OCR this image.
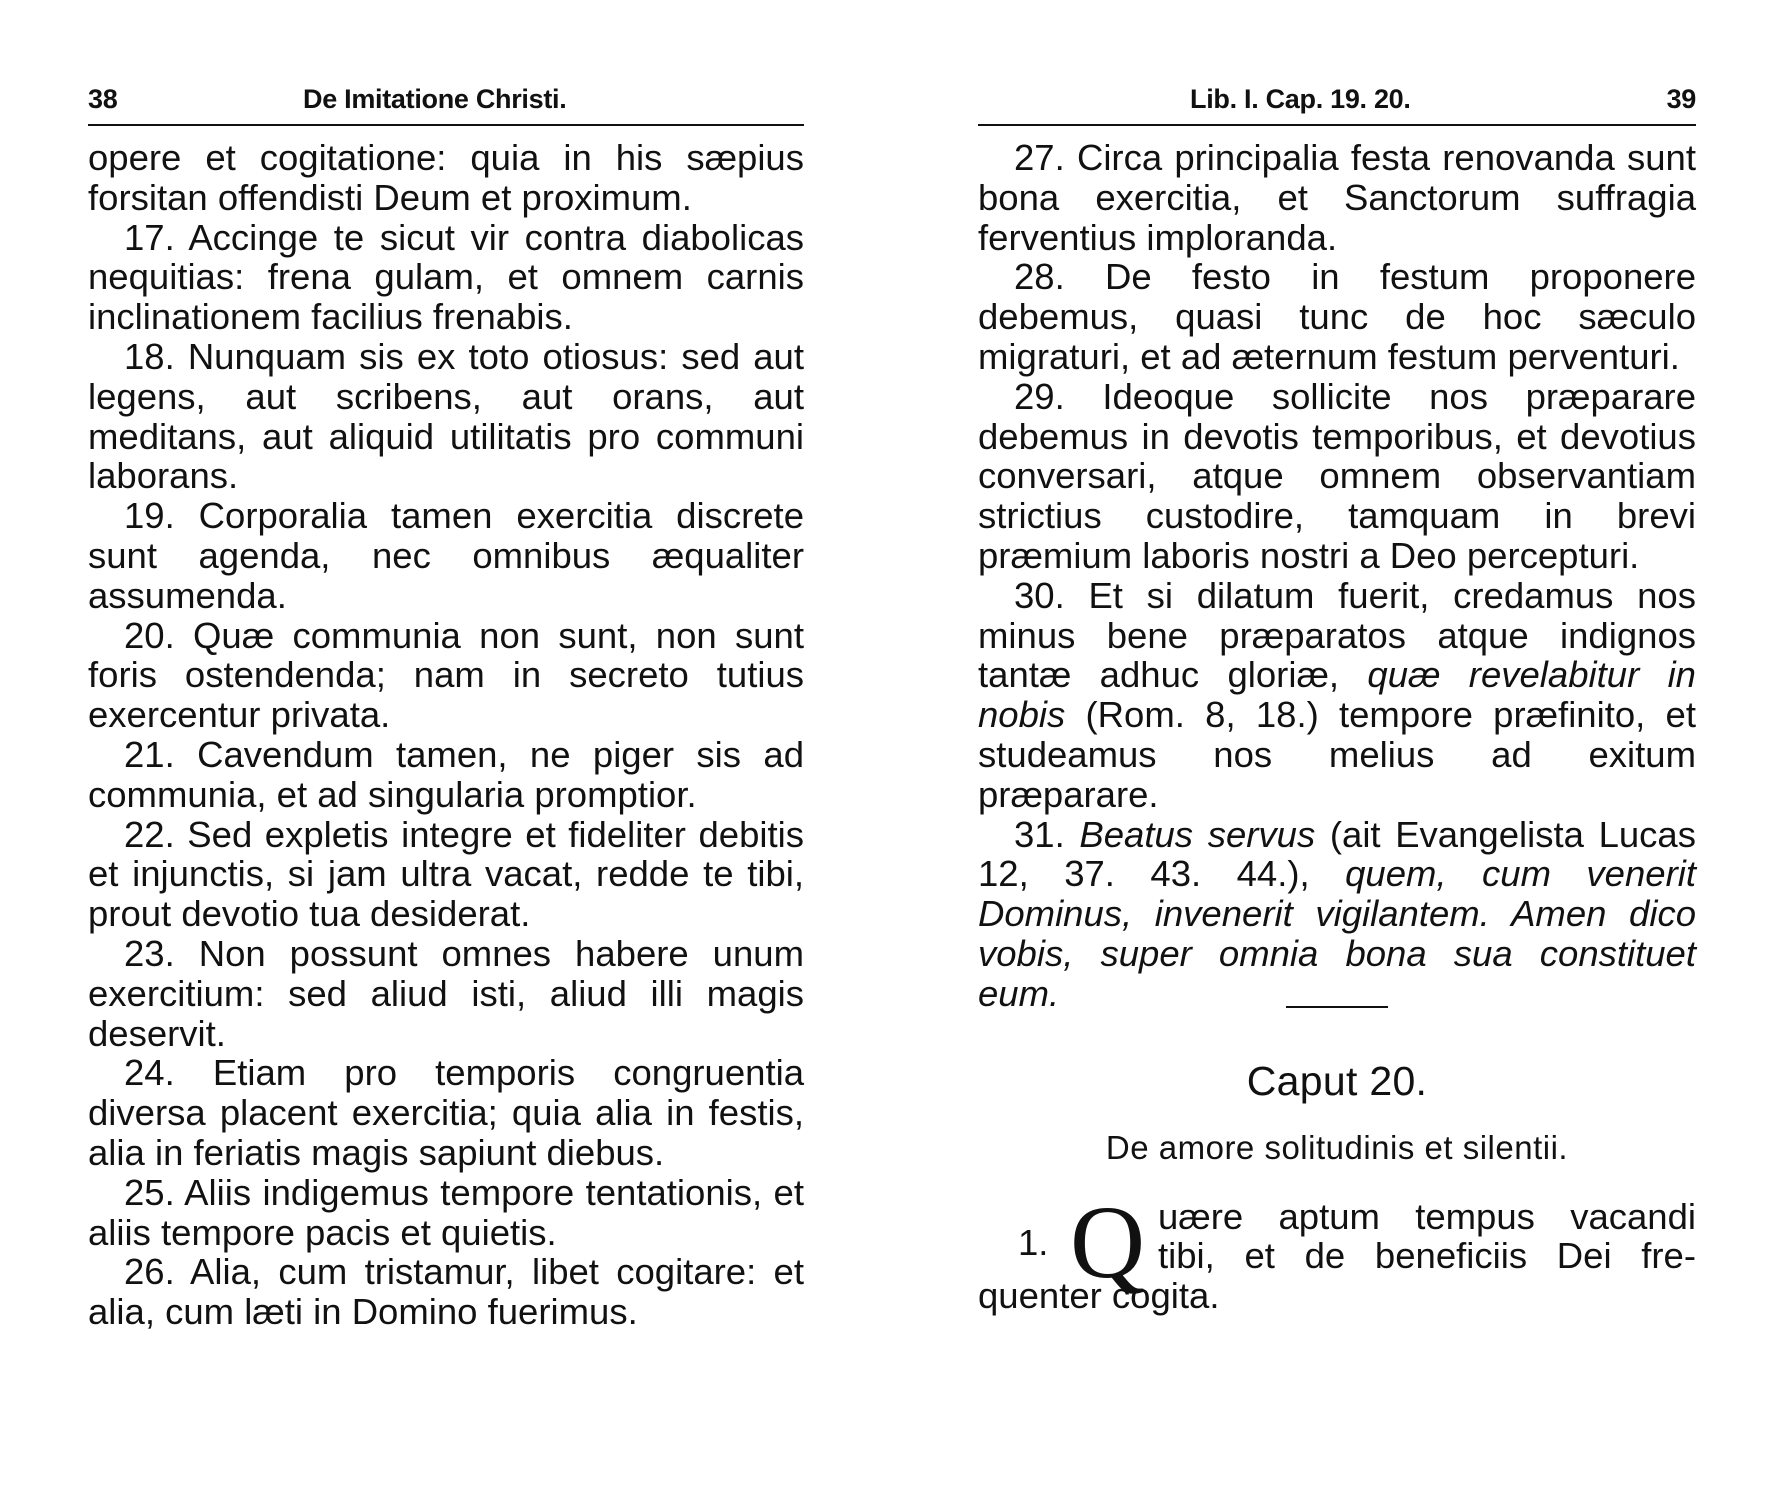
38	De Imitatione Christi.

opere et cogitatione: quia in his sæpius forsitan offendisti Deum et proximum.

17. Accinge te sicut vir contra diabolicas nequitias: frena gulam, et omnem carnis inclinationem facilius frenabis.

18. Nunquam sis ex toto otiosus: sed aut legens, aut scribens, aut orans, aut meditans, aut aliquid utilitatis pro communi laborans.

19. Corporalia tamen exercitia discrete sunt agenda, nec omnibus æqualiter assumenda.

20. Quæ communia non sunt, non sunt foris ostendenda; nam in secreto tutius exercentur privata.

21. Cavendum tamen, ne piger sis ad communia, et ad singularia promptior.

22. Sed expletis integre et fideliter debitis et injunctis, si jam ultra vacat, redde te tibi, prout devotio tua desiderat.

23. Non possunt omnes habere unum exercitium: sed aliud isti, aliud illi magis deservit.

24. Etiam pro temporis congruentia diversa placent exercitia; quia alia in festis, alia in feriatis magis sapiunt diebus.

25. Aliis indigemus tempore tentationis, et aliis tempore pacis et quietis.

26. Alia, cum tristamur, libet cogitare: et alia, cum læti in Domino fuerimus.

Lib. I. Cap. 19. 20.	39

27. Circa principalia festa renovanda sunt bona exercitia, et Sanctorum suffragia ferventius imploranda.

28. De festo in festum proponere debemus, quasi tunc de hoc sæculo migraturi, et ad æternum festum perventuri.

29. Ideoque sollicite nos præparare debemus in devotis temporibus, et devotius conversari, atque omnem observantiam strictius custodire, tamquam in brevi præmium laboris nostri a Deo percepturi.

30. Et si dilatum fuerit, credamus nos minus bene præparatos atque indignos tantæ adhuc gloriæ, quæ revelabitur in nobis (Rom. 8, 18.) tempore præfinito, et studeamus nos melius ad exitum præparare.

31. Beatus servus (ait Evangelista Lucas 12, 37. 43. 44.), quem, cum venerit Dominus, invenerit vigilantem. Amen dico vobis, super omnia bona sua constituet eum.

Caput 20.
De amore solitudinis et silentii.
1. Q uære aptum tempus vacandi
tibi, et de beneficiis Dei fre-
quenter cogita.
